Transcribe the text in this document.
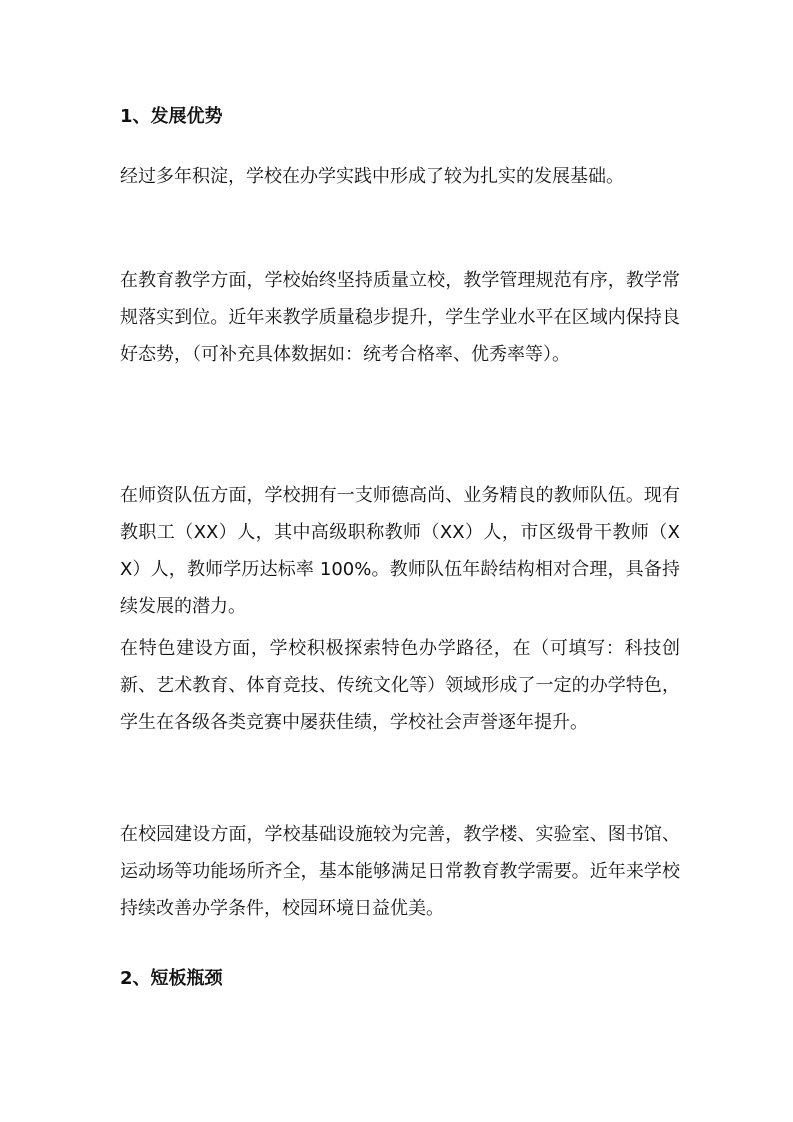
1、发展优势

经过多年积淀，学校在办学实践中形成了较为扎实的发展基础。

在教育教学方面，学校始终坚持质量立校，教学管理规范有序，教学常规落实到位。近年来教学质量稳步提升，学生学业水平在区域内保持良好态势，（可补充具体数据如：统考合格率、优秀率等）。

在师资队伍方面，学校拥有一支师德高尚、业务精良的教师队伍。现有教职工（XX）人，其中高级职称教师（XX）人，市区级骨干教师（XX）人，教师学历达标率 100%。教师队伍年龄结构相对合理，具备持续发展的潜力。

在特色建设方面，学校积极探索特色办学路径，在（可填写：科技创新、艺术教育、体育竞技、传统文化等）领域形成了一定的办学特色，学生在各级各类竞赛中屡获佳绩，学校社会声誉逐年提升。

在校园建设方面，学校基础设施较为完善，教学楼、实验室、图书馆、运动场等功能场所齐全，基本能够满足日常教育教学需要。近年来学校持续改善办学条件，校园环境日益优美。

2、短板瓶颈
